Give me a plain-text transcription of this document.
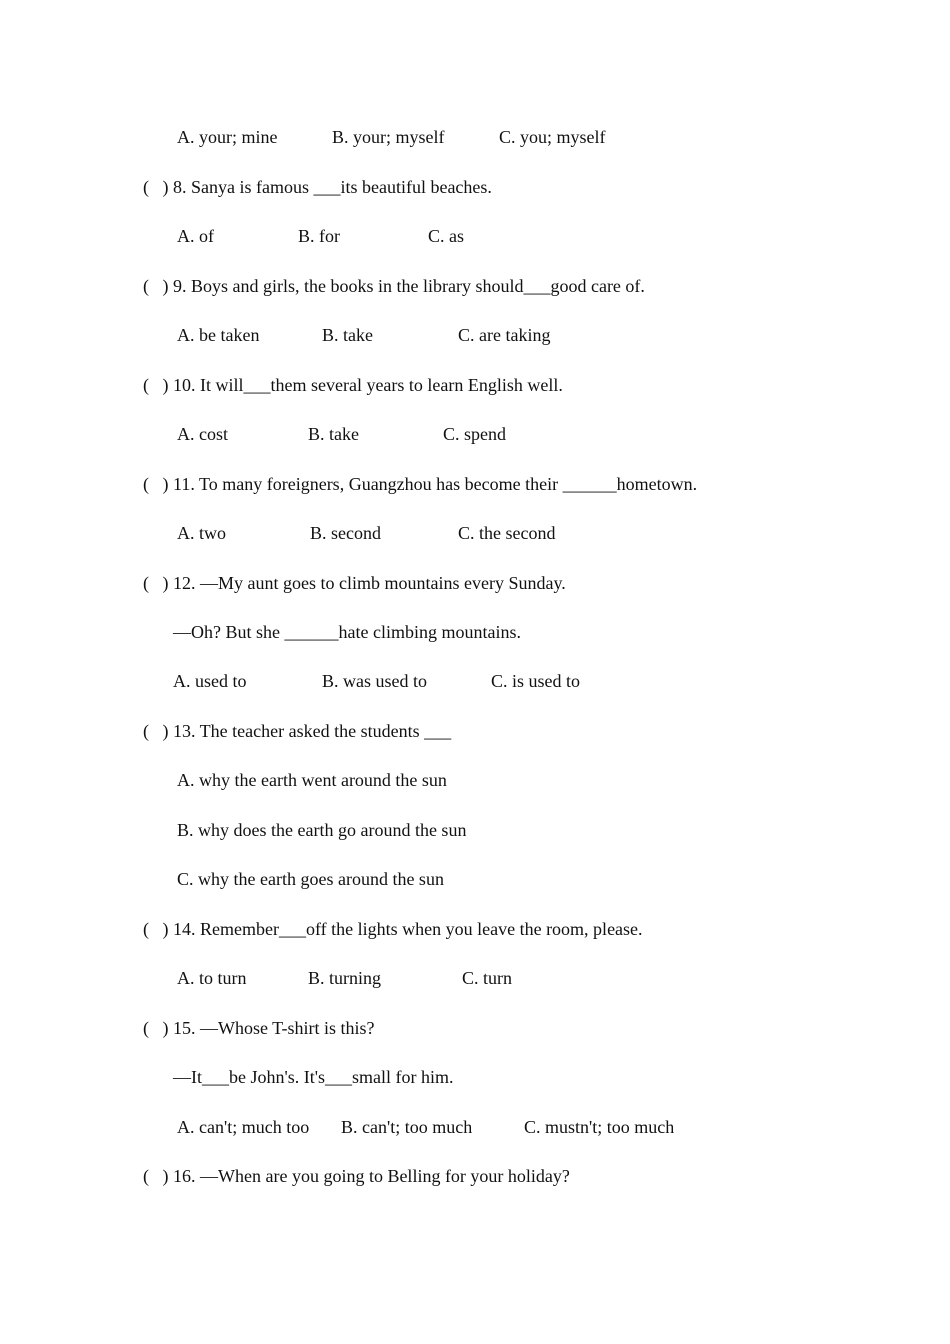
A. your; mine	B. your; myself	C. you; myself
(   ) 8. Sanya is famous ___its beautiful beaches.
A. of	B. for	C. as
(   ) 9. Boys and girls, the books in the library should___good care of.
A. be taken	B. take	C. are taking
(   ) 10. It will___them several years to learn English well.
A. cost	B. take	C. spend
(   ) 11. To many foreigners, Guangzhou has become their ______hometown.
A. two	B. second	C. the second
(   ) 12. —My aunt goes to climb mountains every Sunday.
—Oh? But she ______hate climbing mountains.
A. used to	B. was used to	C. is used to
(   ) 13. The teacher asked the students ___
A. why the earth went around the sun
B. why does the earth go around the sun
C. why the earth goes around the sun
(   ) 14. Remember___off the lights when you leave the room, please.
A. to turn	B. turning	C. turn
(   ) 15. —Whose T-shirt is this?
—It___be John's. It's___small for him.
A. can't; much too B. can't; too much	C. mustn't; too much
(   ) 16. —When are you going to Belling for your holiday?
